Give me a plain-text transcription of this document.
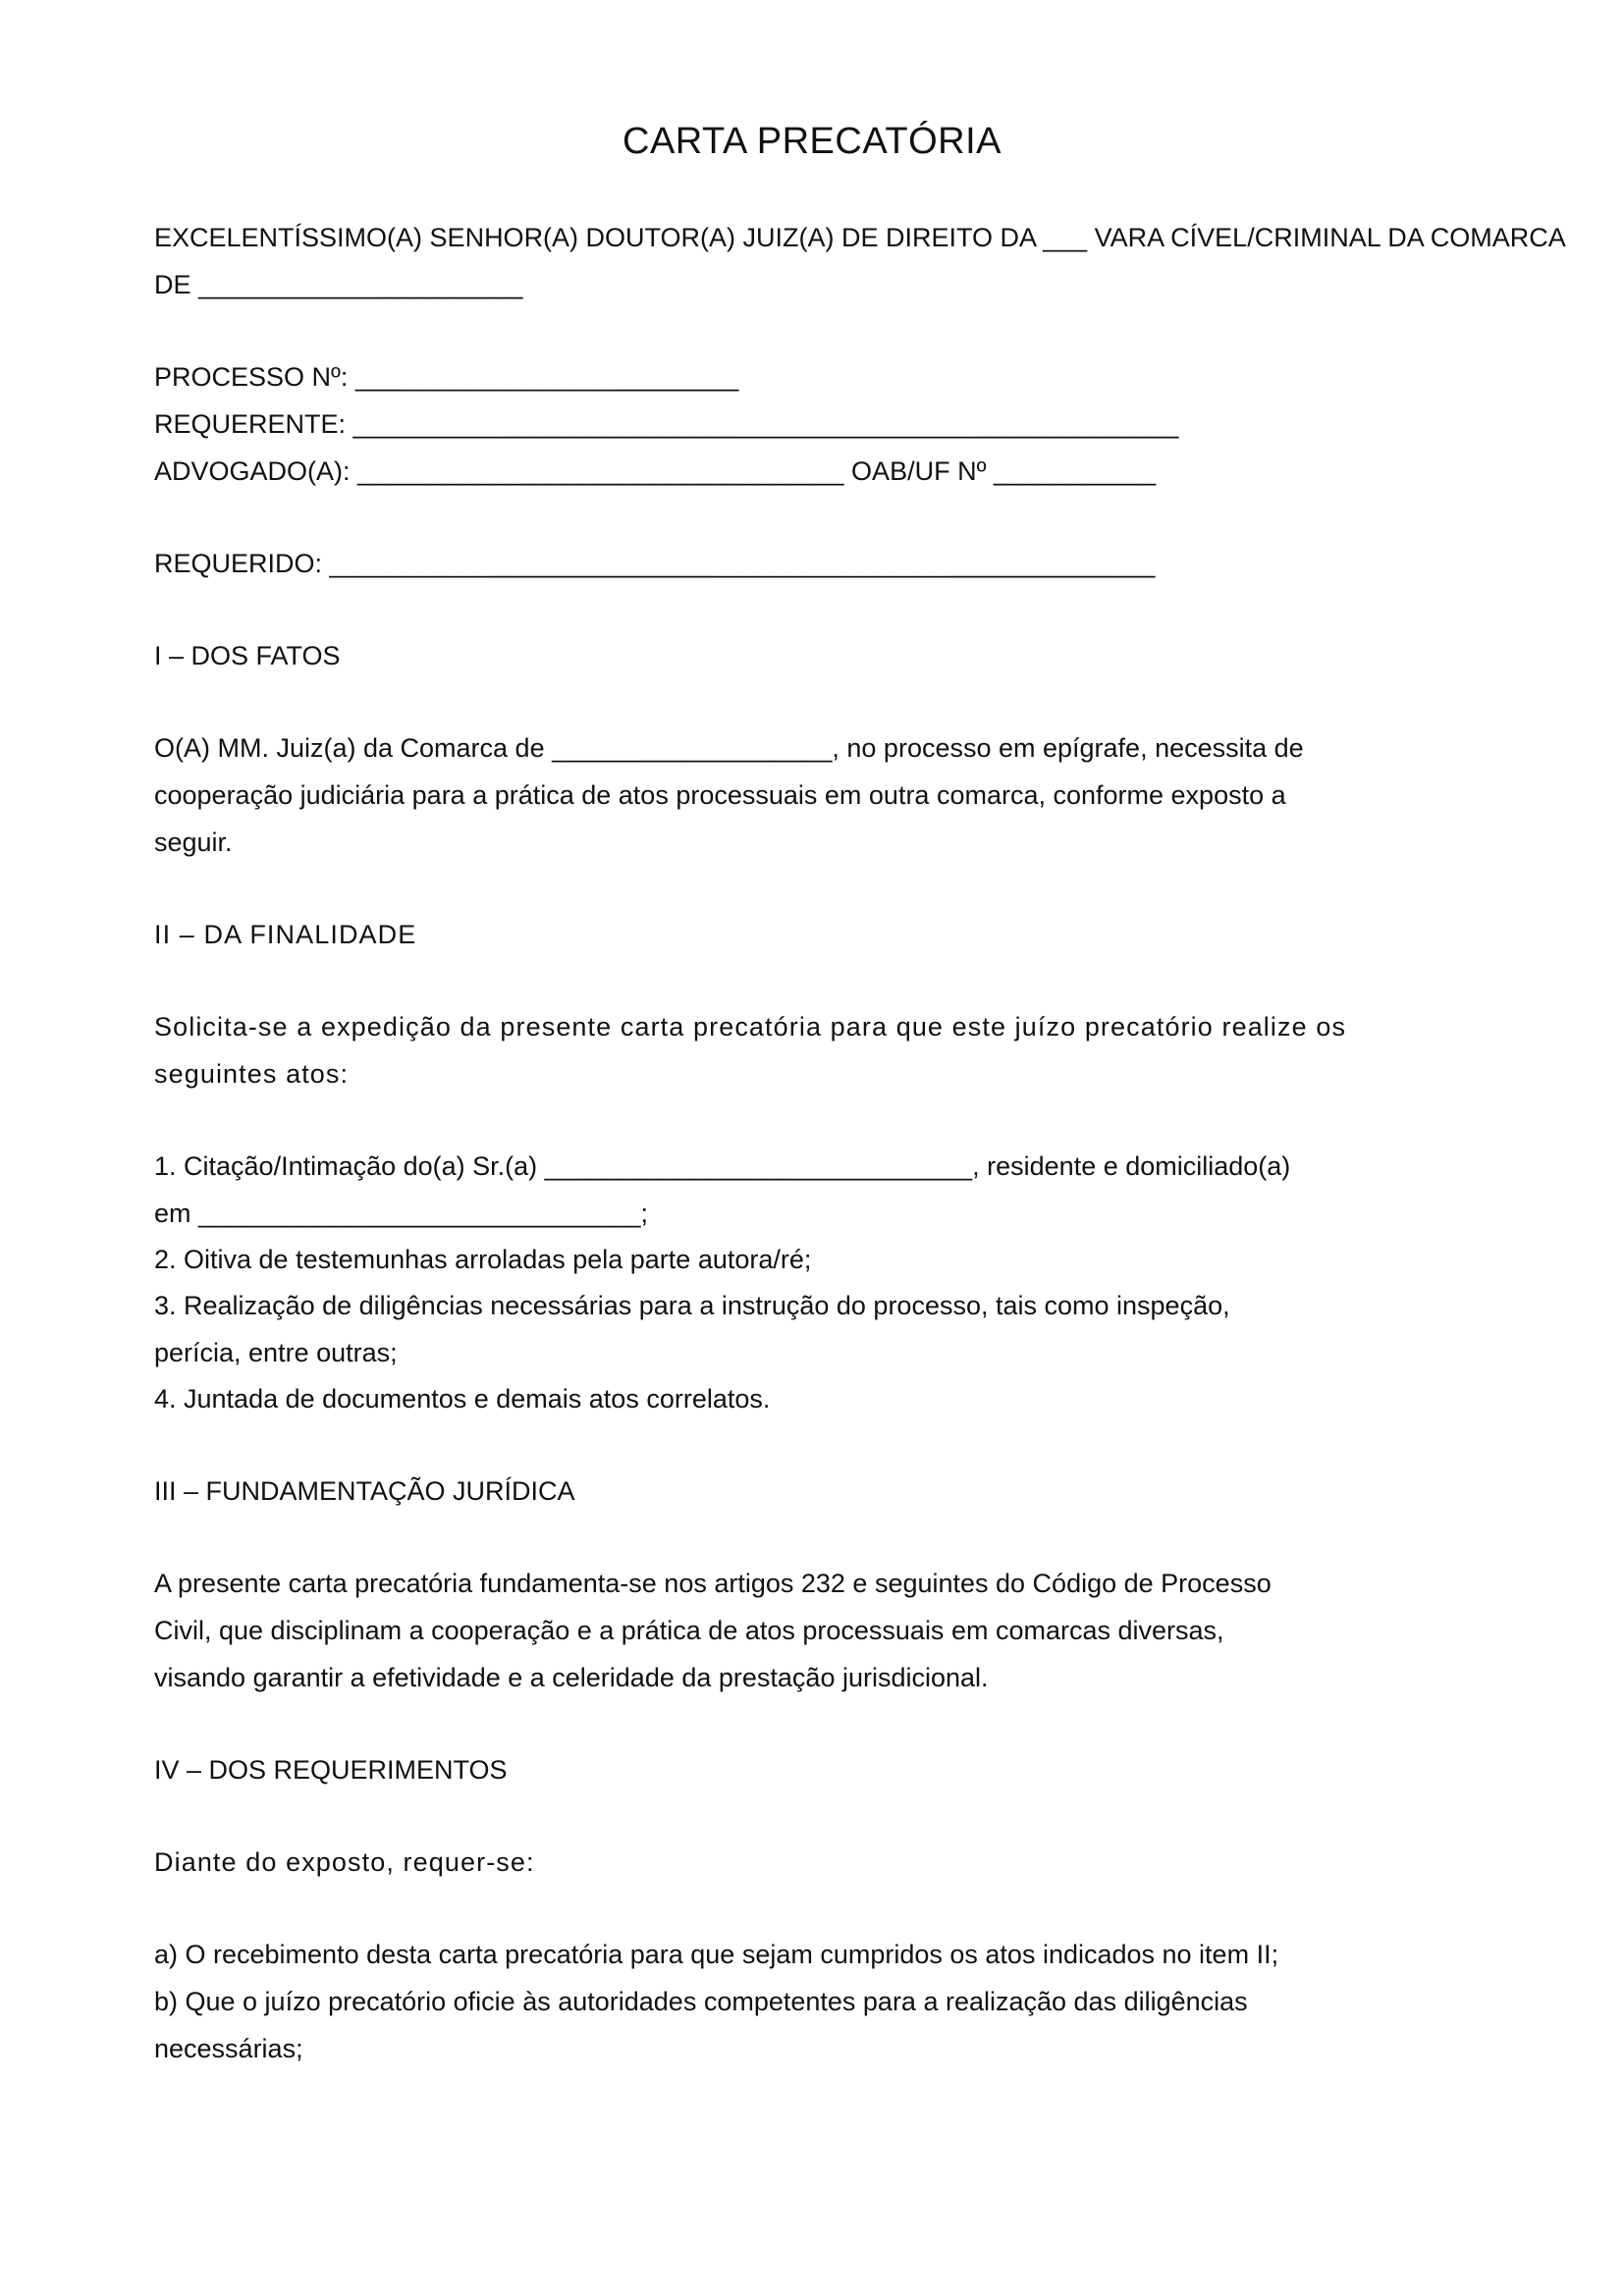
CARTA PRECATÓRIA
EXCELENTÍSSIMO(A) SENHOR(A) DOUTOR(A) JUIZ(A) DE DIREITO DA ___ VARA CÍVEL/CRIMINAL DA COMARCA
DE ______________________
PROCESSO Nº: __________________________
REQUERENTE: ________________________________________________________
ADVOGADO(A): _________________________________ OAB/UF Nº ___________
REQUERIDO: ________________________________________________________
I – DOS FATOS
O(A) MM. Juiz(a) da Comarca de ___________________, no processo em epígrafe, necessita de
cooperação judiciária para a prática de atos processuais em outra comarca, conforme exposto a
seguir.
II – DA FINALIDADE
Solicita-se a expedição da presente carta precatória para que este juízo precatório realize os
seguintes atos:
1. Citação/Intimação do(a) Sr.(a) _____________________________, residente e domiciliado(a)
em ______________________________;
2. Oitiva de testemunhas arroladas pela parte autora/ré;
3. Realização de diligências necessárias para a instrução do processo, tais como inspeção,
perícia, entre outras;
4. Juntada de documentos e demais atos correlatos.
III – FUNDAMENTAÇÃO JURÍDICA
A presente carta precatória fundamenta-se nos artigos 232 e seguintes do Código de Processo
Civil, que disciplinam a cooperação e a prática de atos processuais em comarcas diversas,
visando garantir a efetividade e a celeridade da prestação jurisdicional.
IV – DOS REQUERIMENTOS
Diante do exposto, requer-se:
a) O recebimento desta carta precatória para que sejam cumpridos os atos indicados no item II;
b) Que o juízo precatório oficie às autoridades competentes para a realização das diligências
necessárias;
